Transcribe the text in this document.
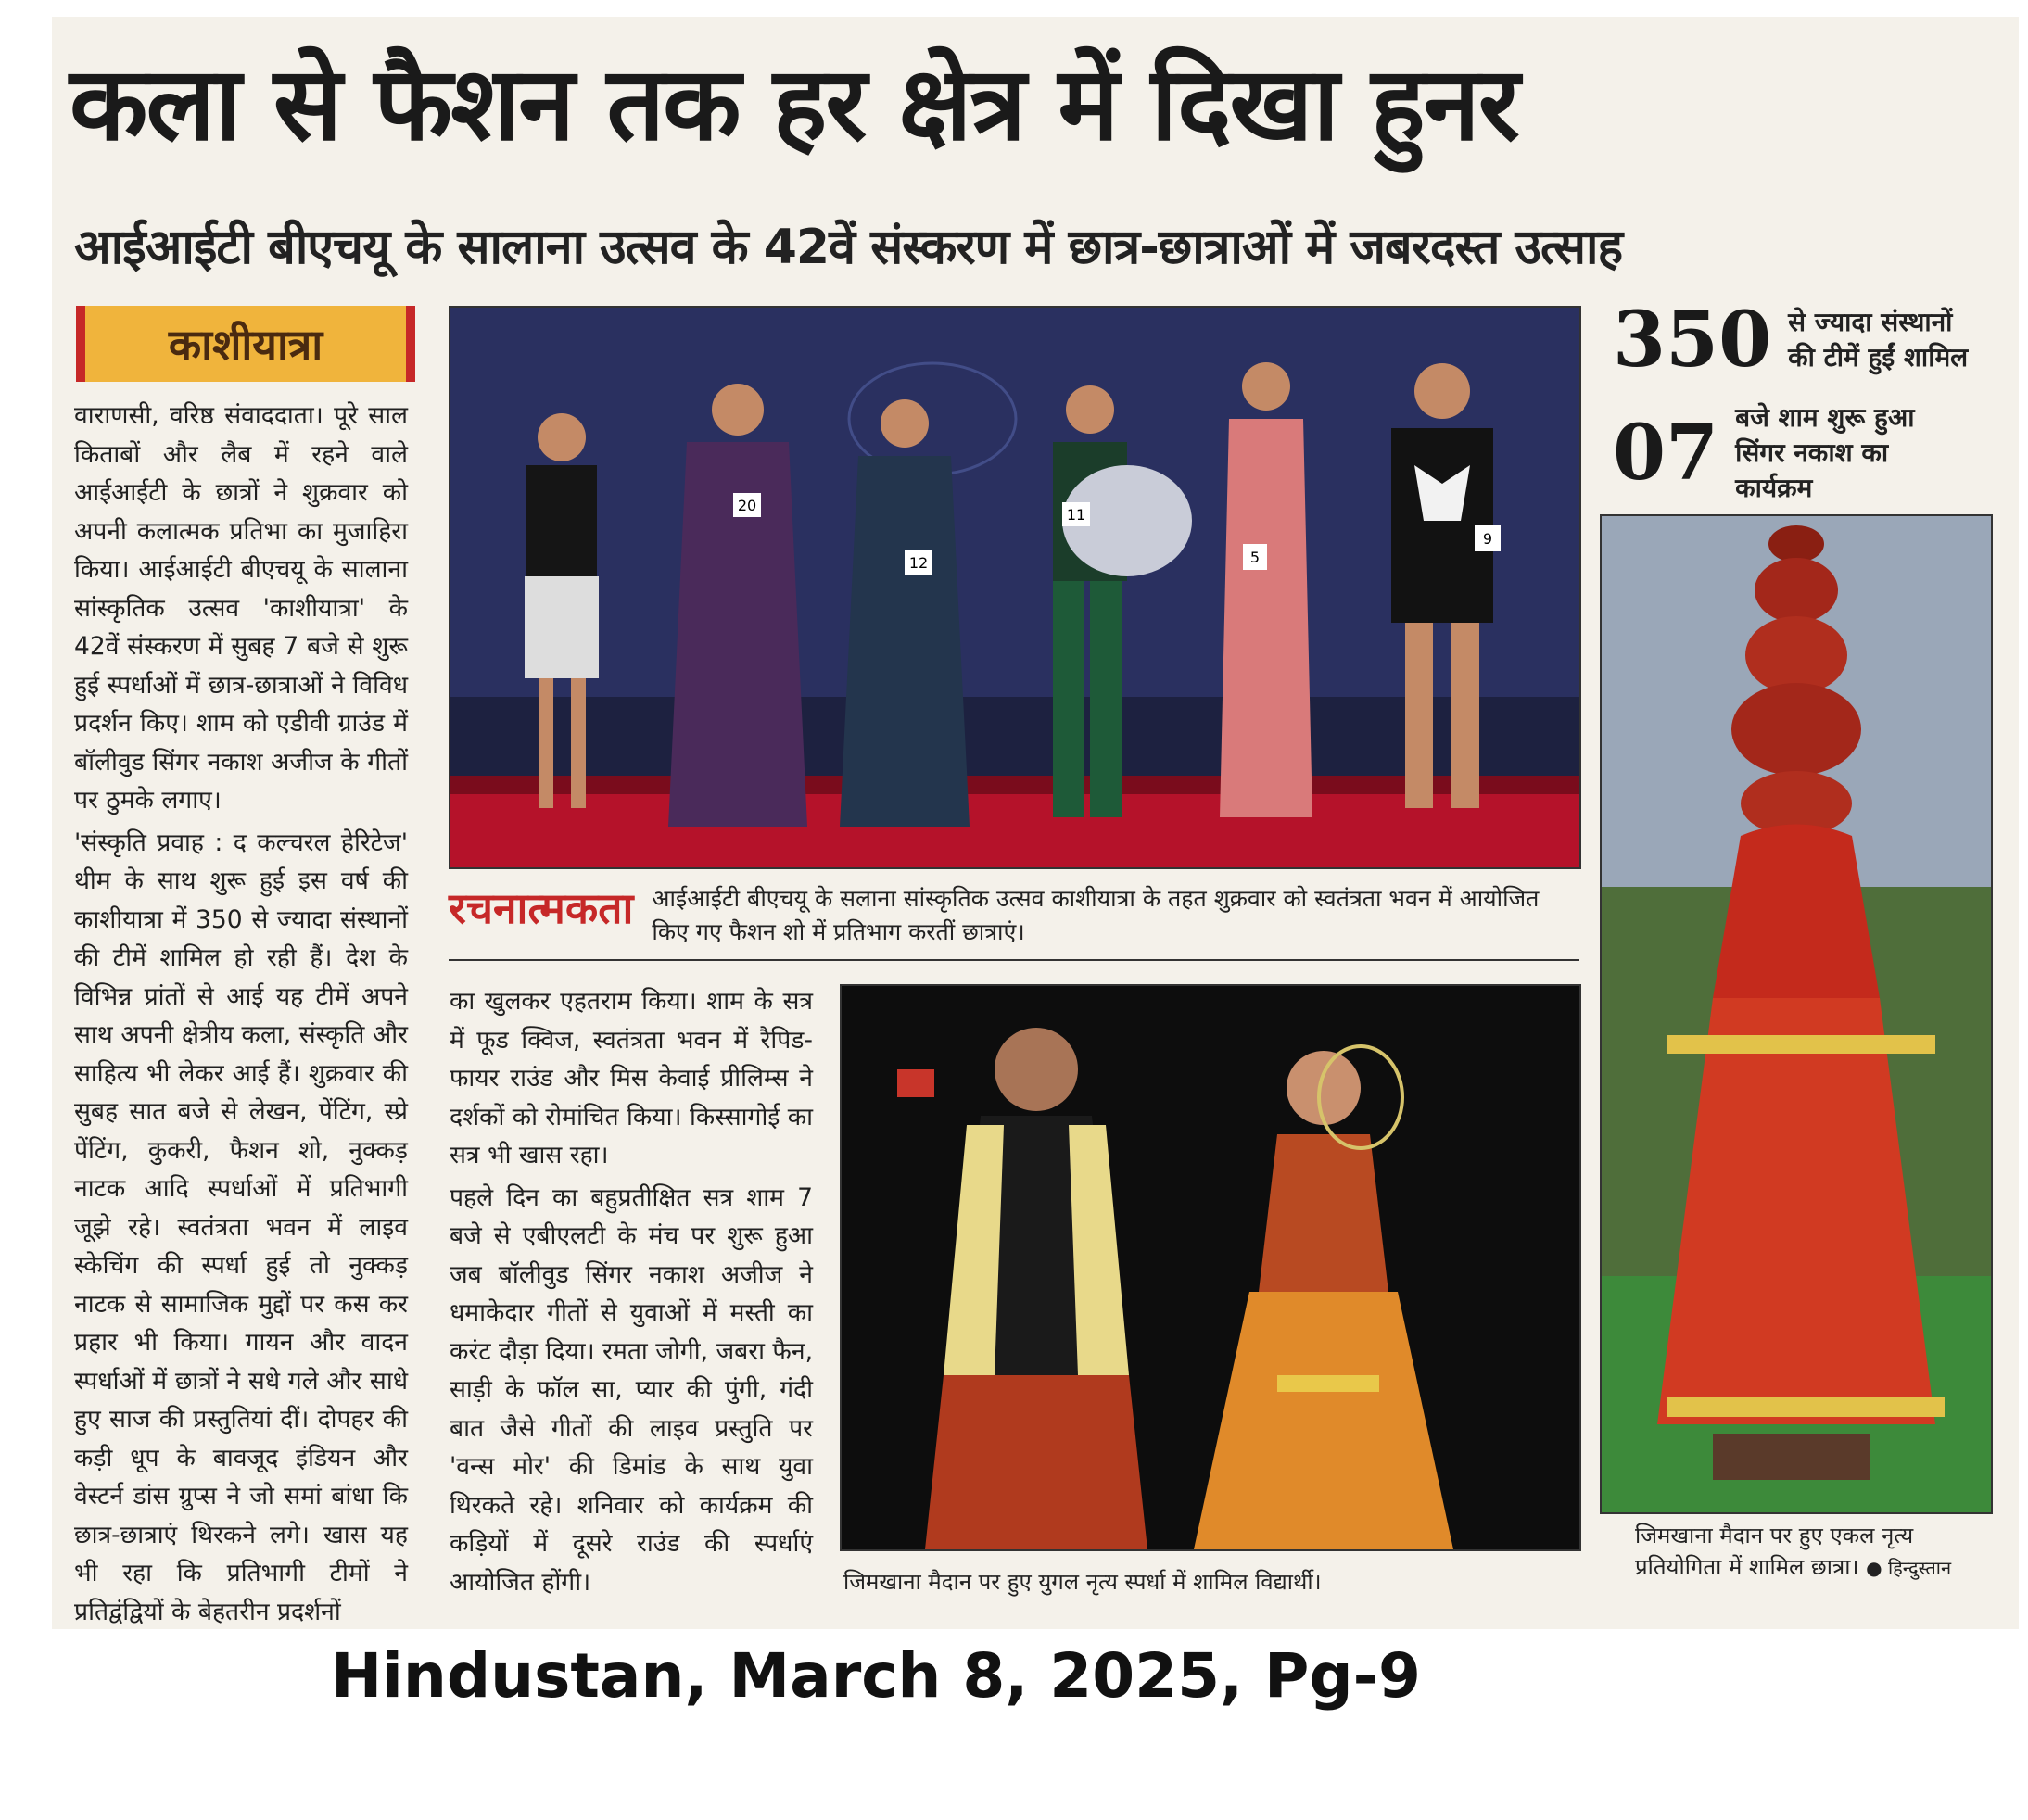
कला से फैशन तक हर क्षेत्र में दिखा हुनर
आईआईटी बीएचयू के सालाना उत्सव के 42वें संस्करण में छात्र-छात्राओं में जबरदस्त उत्साह
काशीयात्रा

वाराणसी, वरिष्ठ संवाददाता। पूरे साल किताबों और लैब में रहने वाले आईआईटी के छात्रों ने शुक्रवार को अपनी कलात्मक प्रतिभा का मुजाहिरा किया। आईआईटी बीएचयू के सालाना सांस्कृतिक उत्सव 'काशीयात्रा' के 42वें संस्करण में सुबह 7 बजे से शुरू हुई स्पर्धाओं में छात्र-छात्राओं ने विविध प्रदर्शन किए। शाम को एडीवी ग्राउंड में बॉलीवुड सिंगर नकाश अजीज के गीतों पर ठुमके लगाए।

'संस्कृति प्रवाह : द कल्चरल हेरिटेज' थीम के साथ शुरू हुई इस वर्ष की काशीयात्रा में 350 से ज्यादा संस्थानों की टीमें शामिल हो रही हैं। देश के विभिन्न प्रांतों से आई यह टीमें अपने साथ अपनी क्षेत्रीय कला, संस्कृति और साहित्य भी लेकर आई हैं। शुक्रवार की सुबह सात बजे से लेखन, पेंटिंग, स्प्रे पेंटिंग, कुकरी, फैशन शो, नुक्कड़ नाटक आदि स्पर्धाओं में प्रतिभागी जूझे रहे। स्वतंत्रता भवन में लाइव स्केचिंग की स्पर्धा हुई तो नुक्कड़ नाटक से सामाजिक मुद्दों पर कस कर प्रहार भी किया। गायन और वादन स्पर्धाओं में छात्रों ने सधे गले और साधे हुए साज की प्रस्तुतियां दीं। दोपहर की कड़ी धूप के बावजूद इंडियन और वेस्टर्न डांस ग्रुप्स ने जो समां बांधा कि छात्र-छात्राएं थिरकने लगे। खास यह भी रहा कि प्रतिभागी टीमों ने प्रतिद्वंद्वियों के बेहतरीन प्रदर्शनों

20
12
11
5
9
350 से ज्यादा संस्थानों की टीमें हुईं शामिल
07 बजे शाम शुरू हुआ सिंगर नकाश का कार्यक्रम
रचनात्मकता आईआईटी बीएचयू के सलाना सांस्कृतिक उत्सव काशीयात्रा के तहत शुक्रवार को स्वतंत्रता भवन में आयोजित किए गए फैशन शो में प्रतिभाग करतीं छात्राएं।

का खुलकर एहतराम किया। शाम के सत्र में फूड क्विज, स्वतंत्रता भवन में रैपिड-फायर राउंड और मिस केवाई प्रीलिम्स ने दर्शकों को रोमांचित किया। किस्सागोई का सत्र भी खास रहा।

पहले दिन का बहुप्रतीक्षित सत्र शाम 7 बजे से एबीएलटी के मंच पर शुरू हुआ जब बॉलीवुड सिंगर नकाश अजीज ने धमाकेदार गीतों से युवाओं में मस्ती का करंट दौड़ा दिया। रमता जोगी, जबरा फैन, साड़ी के फॉल सा, प्यार की पुंगी, गंदी बात जैसे गीतों की लाइव प्रस्तुति पर 'वन्स मोर' की डिमांड के साथ युवा थिरकते रहे। शनिवार को कार्यक्रम की कड़ियों में दूसरे राउंड की स्पर्धाएं आयोजित होंगी।	जिमखाना मैदान पर हुए युगल नृत्य स्पर्धा में शामिल विद्यार्थी।
जिमखाना मैदान पर हुए एकल नृत्य प्रतियोगिता में शामिल छात्रा। ● हिन्दुस्तान
Hindustan, March 8, 2025, Pg-9
